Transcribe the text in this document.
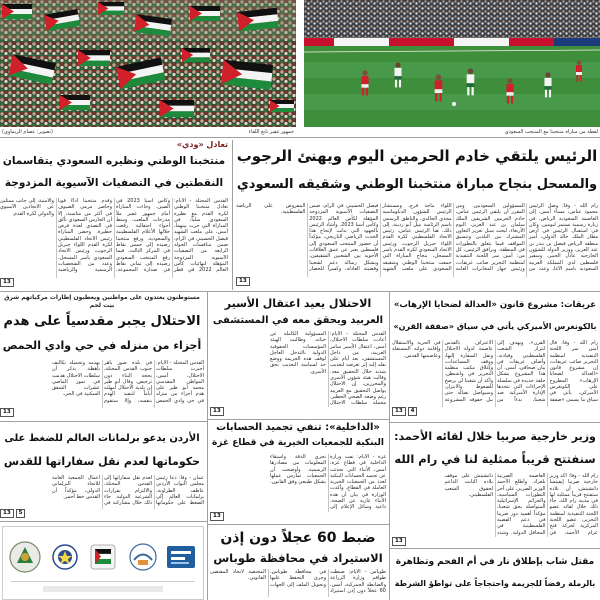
(تصوير: عصام الريماوي)	جمهور غفير تابع اللقاء	لقطة من مباراة منتخبنا مع المنتخب السعودي
تعادل «ودي»
منتخبنا الوطني ونظيره السعودي يتقاسمان
النقطتين في التصفيات الآسيوية المزدوجة
القدس المحتلة - الأيام: تعادل منتخبنا الوطني لكرة القدم مع نظيره السعودي سلباً، في المباراة التي جرت بينهما، أمس، على ملعب الشهيد فيصل الحسيني في الرام، ضمن منافسات الجولة الرابعة من التصفيات الآسيوية المزدوجة المؤهلة لنهائيات كأس العالم 2022 في قطر وكأس آسيا 2023 في الصين. وجاءت المباراة أمام جمهور غفير ملأ مدرجات الملعب، وسط أجواء احتفالية رفعت خلالها الأعلام الفلسطينية والسعودية. ورفع منتخبنا رصيده إلى خمس نقاط في المركز الثالث، فيما رفع المنتخب السعودي رصيده إلى ثماني نقاط في صدارة المجموعة. وقدم منتخبنا أداءً قوياً وحاصر مرمى الضيوف في أكثر من مناسبة، إلا أن الحارس السعودي تألق في التصدي لعدة فرص خطيرة. وحضر المباراة رئيس الاتحاد الفلسطيني لكرة القدم اللواء جبريل الرجوب، ورئيس الاتحاد السعودي ياسر المسحل، وعدد من الشخصيات الرسمية والرياضية والأمنية، إلى جانب ممثلين عن الاتحادين الآسيوي والدولي لكرة القدم.
13
الرئيس يلتقي خادم الحرمين اليوم ويهنئ الرجوب
والمسحل بنجاح مباراة منتخبنا الوطني وشقيقه السعودي
رام الله - وفا: وصل الرئيس محمود عباس، مساء أمس، إلى العاصمة السعودية الرياض، في زيارة رسمية تستمر ليومين. وكان في استقبال الرئيس في أرض مطار الملك خالد الدولي، أمير منطقة الرياض فيصل بن بندر بن عبد العزيز، ووزير الدولة للشؤون الخارجية عادل الجبير، وسفير فلسطين لدى المملكة العربية السعودية باسم الآغا، وعدد من المسؤولين السعوديين. ومن المقرر أن يلتقي الرئيس عباس، خادم الحرمين الشريفين الملك سلمان بن عبد العزيز، اليوم الأربعاء، لبحث سبل تعزيز التعاون المشترك بين البلدين وتنسيق المواقف فيما يتعلق بالتطورات في المنطقة. ويرافق الرئيس، كل من: أمين سر اللجنة التنفيذية لمنظمة التحرير صائب عريقات، ورئيس جهاز المخابرات العامة اللواء ماجد فرج، ومستشار الرئيس للشؤون الدبلوماسية مجدي الخالدي، والناطق الرسمي باسم الرئاسة نبيل أبو ردينة. إلى ذلك، هنأ الرئيس عباس، رئيس الاتحاد الفلسطيني لكرة القدم اللواء جبريل الرجوب، ورئيس الاتحاد السعودي لكرة القدم ياسر المسحل، بنجاح المباراة التي جمعت منتخبنا الوطني وشقيقه السعودي على ملعب الشهيد فيصل الحسيني في الرام، ضمن التصفيات الآسيوية المزدوجة المؤهلة لكأس العالم 2022 وكأس آسيا 2023. وأشاد الرئيس بالجهود التي بذلت لإنجاح هذا الحدث الرياضي التاريخي، مؤكداً أن حضور المنتخب السعودي إلى فلسطين يعبر عن عمق العلاقات الأخوية بين الشعبين الشقيقين، ويشكل رسالة دعم لشعبنا وقضيته العادلة، وكسراً للحصار المفروض على الرياضة الفلسطينية.
13
عريقات: مشروع قانون «العدالة لضحايا الإرهاب»
بالكونغرس الأميركي يأتي في سياق «صفقة القرن»
رام الله - وفا: قال أمين سر اللجنة التنفيذية لمنظمة التحرير صائب عريقات، إن مشروع قانون «العدالة لضحايا الإرهاب» المطروح على الكونغرس الأميركي، يأتي في سياق ما يسمى «صفقة القرن»، ويهدف إلى ابتزاز الشعب الفلسطيني وقيادته. وأضاف عريقات في بيان صحافي، أمس، أن هذا المشروع يشكل حلقة جديدة في سلسلة الإجراءات التي تتخذها الإدارة الأميركية ضد شعبنا، بدءاً من الاعتراف بالقدس عاصمة لدولة الاحتلال ونقل السفارة إليها، ووقف المساعدات، وإغلاق مكتب منظمة التحرير في واشنطن. وأكد أن شعبنا لن يرضخ للضغوط والابتزاز، وسيواصل نضاله حتى نيل حقوقه المشروعة في الحرية والاستقلال وإقامة دولته المستقلة وعاصمتها القدس.
13	4
الاحتلال يعيد اعتقال الأسير
العربيد ويحقق معه في المستشفى
القدس المحتلة - الأيام: أعادت سلطات الاحتلال، أمس، اعتقال الأسير سامر العربيد، من داخل المستشفى، بعد أيام على نقله إليه إثر تعرضه لتعذيب شديد خلال التحقيق معه. وقالت هيئة شؤون الأسرى والمحررين، إن الاحتلال يواصل التحقيق مع العربيد رغم وضعه الصحي الخطير، محملة سلطات الاحتلال المسؤولية الكاملة عن حياته. وطالبت الهيئة المؤسسات الحقوقية الدولية بالتدخل العاجل لوقف هذه الجريمة ووضع حد لسياسة التعذيب بحق الأسرى.
13
مستوطنون يعتدون على مواطنين ويعطبون إطارات مركباتهم شرق بيت لحم
الاحتلال يجبر مقدسياً على هدم
أجزاء من منزله في حي وادي الحمص
القدس المحتلة - الأيام: أجبرت سلطات الاحتلال، أمس، المواطن المقدسي محمد أبو طير على هدم أجزاء من منزله في حي وادي الحمص في بلدة صور باهر جنوب القدس المحتلة، بحجة البناء دون ترخيص. وقال أبو طير إن بلدية الاحتلال أمهلته أياماً لتنفيذ الهدم بنفسه، وإلا ستقوم بهدمه وتحميله تكاليف باهظة. يذكر أن سلطات الاحتلال هدمت في تموز الماضي عشرات الشقق السكنية في الحي.
13
وزير خارجية صربيا خلال لقائه الأحمد:
سنفتتح قريباً ممثلية لنا في رام الله
رام الله - وفا: أكد وزير خارجية صربيا إيفيتسا داتشيتش، أن بلاده ستفتتح قريباً ممثلية لها في مدينة رام الله. جاء ذلك خلال لقائه عضو اللجنة التنفيذية لمنظمة التحرير، عضو اللجنة المركزية لحركة فتح عزام الأحمد، في العاصمة الصربية بلغراد. وأطلع الأحمد الوزير الصربي على آخر التطورات السياسية، والجرائم الإسرائيلية المتواصلة بحق شعبنا، مؤكداً أهمية دور صربيا في دعم القضية الفلسطينية في المحافل الدولية. وشدد داتشيتش على موقف بلاده الثابت الداعم لحقوق الشعب الفلسطيني.
13
«الداخلية»: تنفي تجميد الحسابات
البنكية للجمعيات الخيرية في قطاع غزة
غزة - الأيام: نفت وزارة الداخلية في قطاع غزة، أمس، الأنباء التي تحدثت عن تجميد الحسابات البنكية لعدد من الجمعيات الخيرية العاملة في القطاع. وأكدت الوزارة في بيان أن هذه الأنباء عارية عن الصحة، داعية وسائل الإعلام إلى تحري الدقة واستقاء المعلومات من مصادرها الرسمية. وأوضحت أن الجمعيات تمارس عملها بشكل طبيعي وفق القانون.
13
الأردن يدعو برلمانات العالم للضغط على
حكوماتها لعدم نقل سفاراتها للقدس
عمان - وفا: دعا رئيس مجلس النواب الأردني عاطف الطراونة، برلمانات العالم إلى الضغط على حكوماتها لعدم نقل سفاراتها إلى القدس المحتلة، والالتزام بقرارات الشرعية الدولية. جاء ذلك خلال مشاركته في أعمال الجمعية العامة للاتحاد البرلماني الدولي، مؤكداً أن القدس خط أحمر.
13	5
ضبط 60 عجلاً دون إذن
الاستيراد في محافظة طوباس
طوباس - الأيام: ضبطت طواقم وزارة الزراعة والضابطة الجمركية، أمس، 60 عجلاً دون إذن استيراد في محافظة طوباس، وجرى التحفظ عليها وتحويل الملف إلى الجهات المختصة لاتخاذ المقتضى القانوني.
مقتل شاب بإطلاق نار في أم الفحم وتظاهرة
بالرملة رفضاً للجريمة واحتجاجاً على تواطؤ الشرطة
